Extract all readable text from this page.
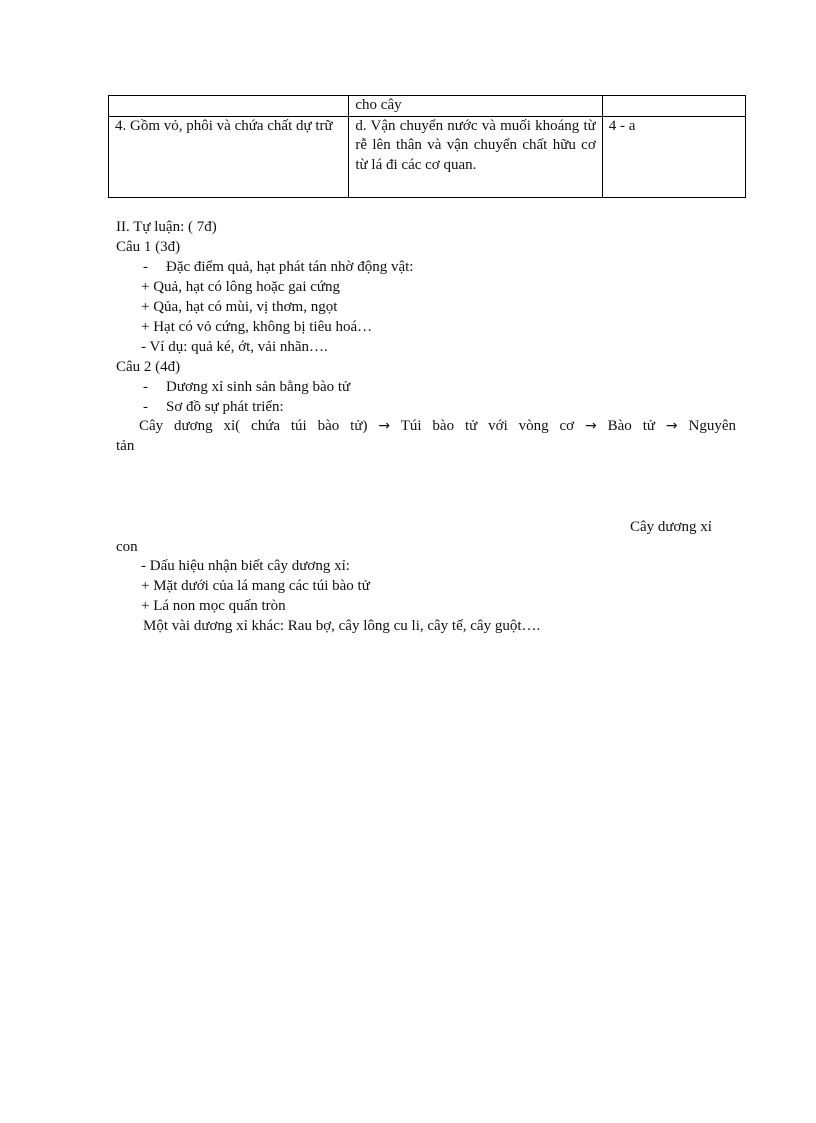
	cho cây	
4. Gồm vỏ, phôi và chứa chất dự trữ	d. Vận chuyển nước và muối khoáng từ rễ lên thân và vận chuyển chất hữu cơ từ lá đi các cơ quan.	4 - a
II. Tự luận: ( 7đ)
Câu 1 (3đ)
- Đặc điểm quả, hạt phát tán nhờ động vật:
+ Quả, hạt có lông hoặc gai cứng
+ Qủa, hạt có mùi, vị thơm, ngọt
+ Hạt có vỏ cứng, không bị tiêu hoá…
- Ví dụ: quả ké, ớt, vải nhãn….
Câu 2 (4đ)
- Dương xỉ sinh sản bằng bào tử
- Sơ đồ sự phát triển:
Cây dương xỉ( chứa túi bào tử) → Túi bào tử với vòng cơ → Bào tử → Nguyên
tản
Cây dương xỉ
con
- Dấu hiệu nhận biết cây dương xỉ:
+ Mặt dưới của lá mang các túi bào tử
+ Lá non mọc quấn tròn
Một vài dương xỉ khác: Rau bợ, cây lông cu li, cây tế, cây guột….
